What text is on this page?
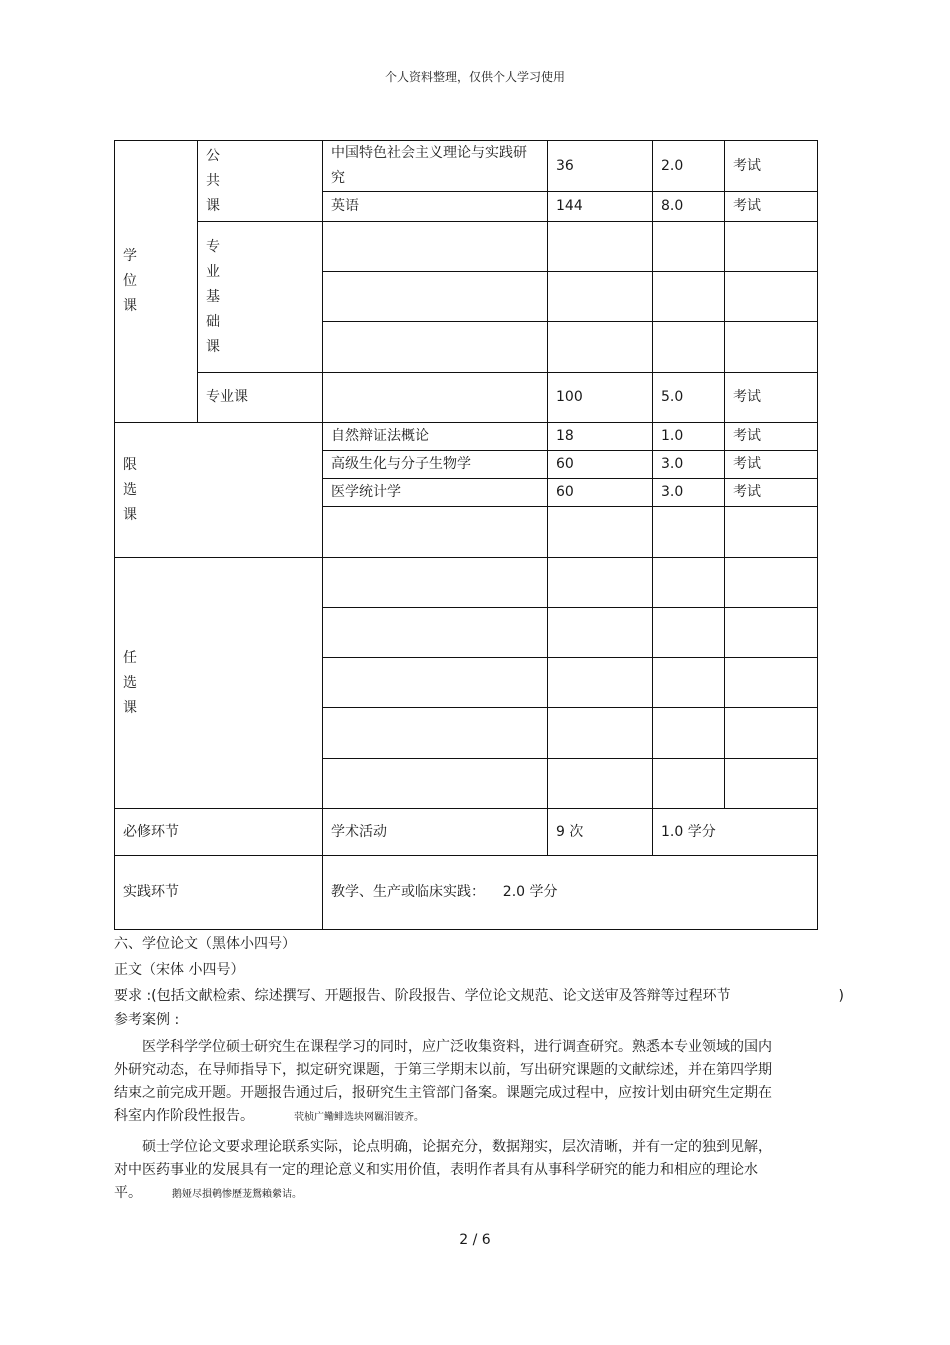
个人资料整理，仅供个人学习使用
学
位
课	公
共
课	中国特色社会主义理论与实践研究	36	2.0	考试
		英语	144	8.0	考试

	专
业
基
础
课				

	专业课		100	5.0	考试

限
选
课		自然辩证法概论	18	1.0	考试
		高级生化与分子生物学	60	3.0	考试
		医学统计学	60	3.0	考试

任
选
课					

必修环节		学术活动	9 次	1.0 学分	
实践环节		教学、生产或临床实践：    2.0 学分			
六、学位论文（黑体小四号）
正文（宋体 小四号）
要求 :(包括文献检索、综述撰写、开题报告、阶段报告、学位论文规范、论文送审及答辩等过程环节	)
参考案例 :
医学科学学位硕士研究生在课程学习的同时，应广泛收集资料，进行调查研究。熟悉本专业领域的国内外研究动态，在导师指导下，拟定研究课题，于第三学期末以前，写出研究课题的文献综述，并在第四学期结束之前完成开题。开题报告通过后，报研究生主管部门备案。课题完成过程中，应按计划由研究生定期在科室内作阶段性报告。	茕桢广鳓鲱选块网羈泪镀齐。
硕士学位论文要求理论联系实际，论点明确，论据充分，数据翔实，层次清晰，并有一定的独到见解，对中医药事业的发展具有一定的理论意义和实用价值，表明作者具有从事科学研究的能力和相应的理论水平。	鹅娅尽損鹌惨歷茏鴛賴縈诘。
2 / 6
